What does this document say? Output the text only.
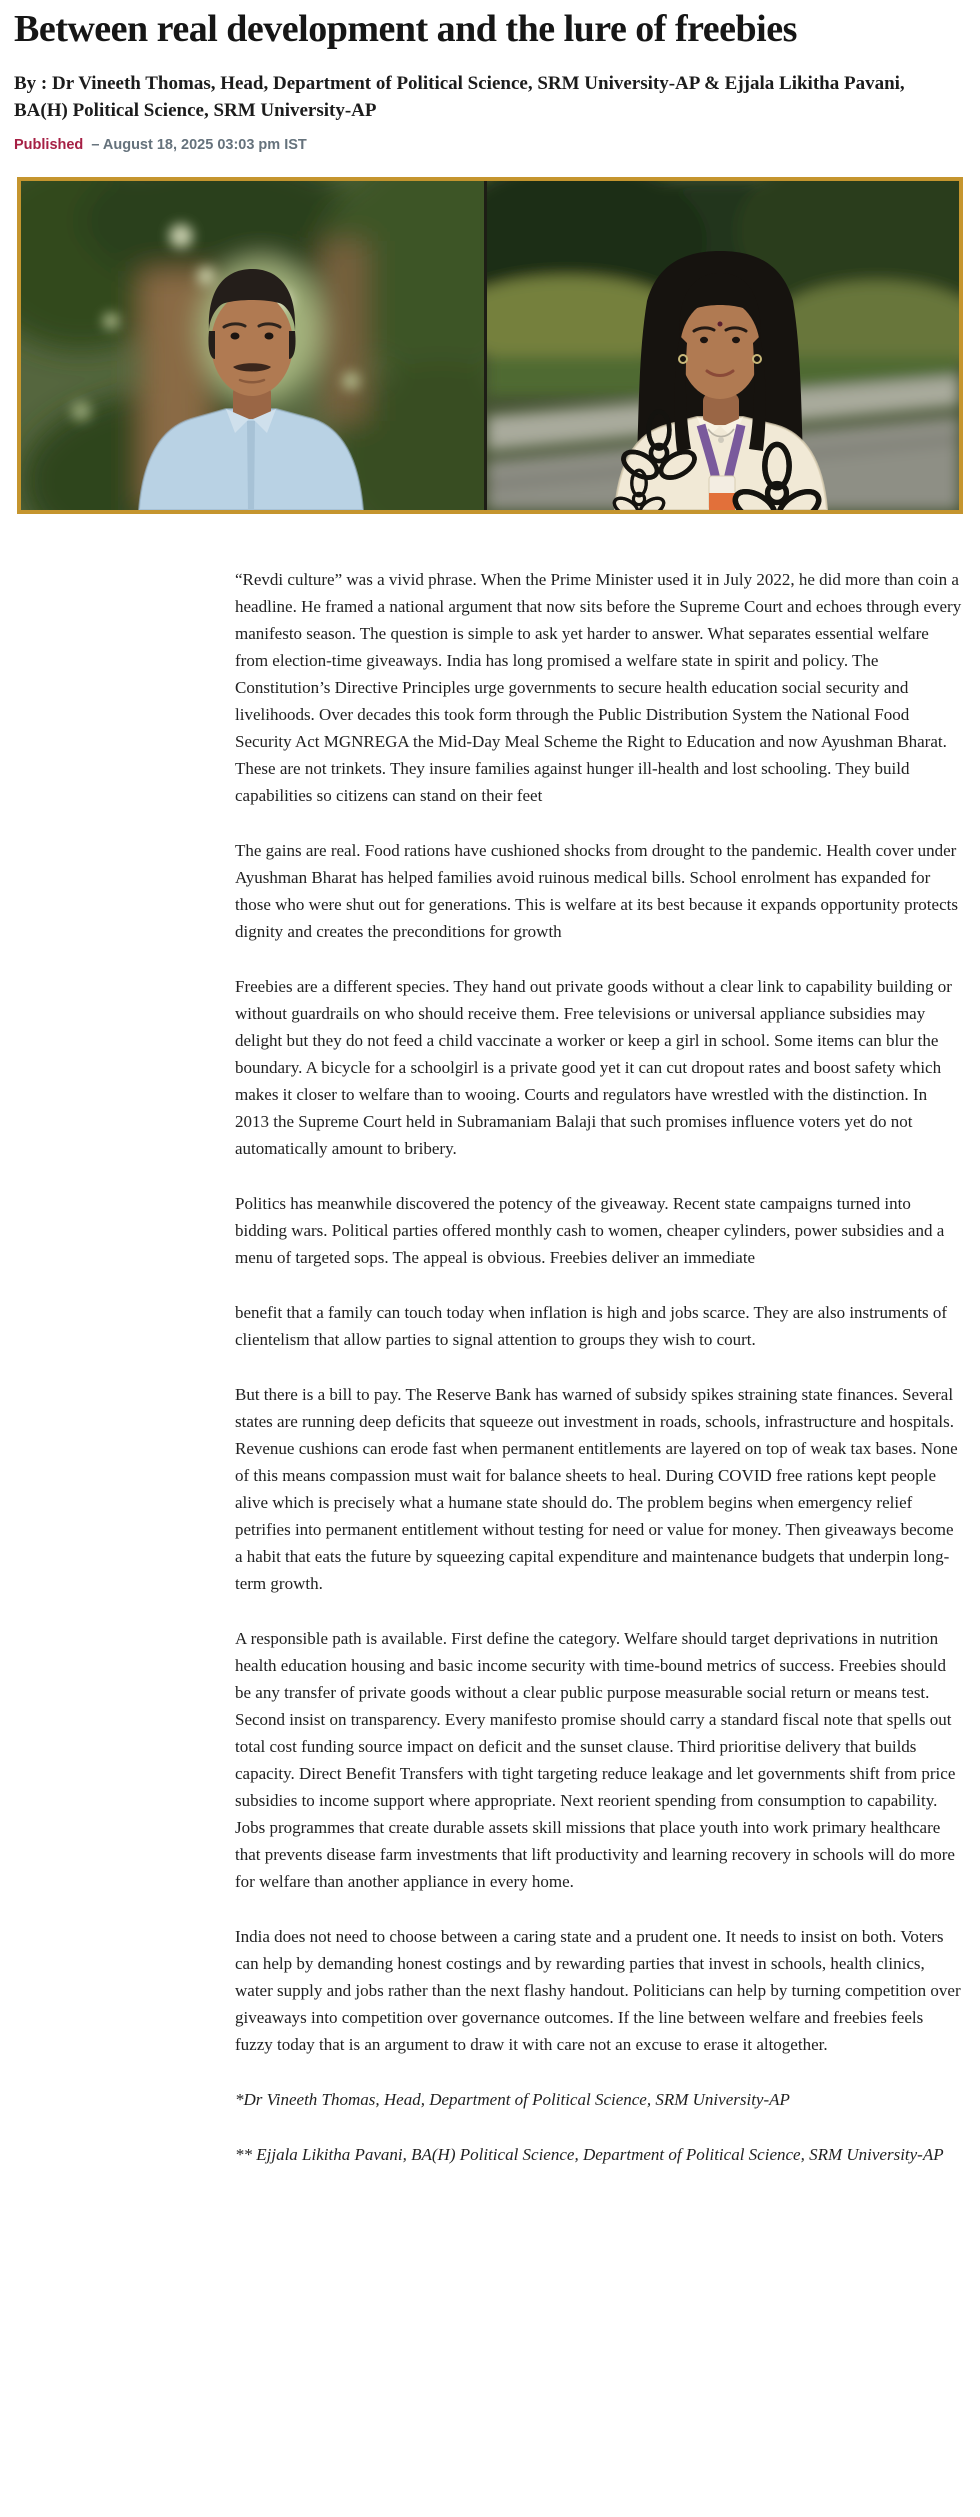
Between real development and the lure of freebies
By : Dr Vineeth Thomas, Head, Department of Political Science, SRM University-AP & Ejjala Likitha Pavani, BA(H) Political Science, SRM University-AP
Published – August 18, 2025 03:03 pm IST

“Revdi culture” was a vivid phrase. When the Prime Minister used it in July 2022, he did more than coin a headline. He framed a national argument that now sits before the Supreme Court and echoes through every manifesto season. The question is simple to ask yet harder to answer. What separates essential welfare from election-time giveaways. India has long promised a welfare state in spirit and policy. The Constitution’s Directive Principles urge governments to secure health education social security and livelihoods. Over decades this took form through the Public Distribution System the National Food Security Act MGNREGA the Mid-Day Meal Scheme the Right to Education and now Ayushman Bharat. These are not trinkets. They insure families against hunger ill-health and lost schooling. They build capabilities so citizens can stand on their feet

The gains are real. Food rations have cushioned shocks from drought to the pandemic. Health cover under Ayushman Bharat has helped families avoid ruinous medical bills. School enrolment has expanded for those who were shut out for generations. This is welfare at its best because it expands opportunity protects dignity and creates the preconditions for growth

Freebies are a different species. They hand out private goods without a clear link to capability building or without guardrails on who should receive them. Free televisions or universal appliance subsidies may delight but they do not feed a child vaccinate a worker or keep a girl in school. Some items can blur the boundary. A bicycle for a schoolgirl is a private good yet it can cut dropout rates and boost safety which makes it closer to welfare than to wooing. Courts and regulators have wrestled with the distinction. In 2013 the Supreme Court held in Subramaniam Balaji that such promises influence voters yet do not automatically amount to bribery.

Politics has meanwhile discovered the potency of the giveaway. Recent state campaigns turned into bidding wars. Political parties offered monthly cash to women, cheaper cylinders, power subsidies and a menu of targeted sops. The appeal is obvious. Freebies deliver an immediate

benefit that a family can touch today when inflation is high and jobs scarce. They are also instruments of clientelism that allow parties to signal attention to groups they wish to court.

But there is a bill to pay. The Reserve Bank has warned of subsidy spikes straining state finances. Several states are running deep deficits that squeeze out investment in roads, schools, infrastructure and hospitals. Revenue cushions can erode fast when permanent entitlements are layered on top of weak tax bases. None of this means compassion must wait for balance sheets to heal. During COVID free rations kept people alive which is precisely what a humane state should do. The problem begins when emergency relief petrifies into permanent entitlement without testing for need or value for money. Then giveaways become a habit that eats the future by squeezing capital expenditure and maintenance budgets that underpin long-term growth.

A responsible path is available. First define the category. Welfare should target deprivations in nutrition health education housing and basic income security with time-bound metrics of success. Freebies should be any transfer of private goods without a clear public purpose measurable social return or means test. Second insist on transparency. Every manifesto promise should carry a standard fiscal note that spells out total cost funding source impact on deficit and the sunset clause. Third prioritise delivery that builds capacity. Direct Benefit Transfers with tight targeting reduce leakage and let governments shift from price subsidies to income support where appropriate. Next reorient spending from consumption to capability. Jobs programmes that create durable assets skill missions that place youth into work primary healthcare that prevents disease farm investments that lift productivity and learning recovery in schools will do more for welfare than another appliance in every home.

India does not need to choose between a caring state and a prudent one. It needs to insist on both. Voters can help by demanding honest costings and by rewarding parties that invest in schools, health clinics, water supply and jobs rather than the next flashy handout. Politicians can help by turning competition over giveaways into competition over governance outcomes. If the line between welfare and freebies feels fuzzy today that is an argument to draw it with care not an excuse to erase it altogether.

*Dr Vineeth Thomas, Head, Department of Political Science, SRM University-AP

** Ejjala Likitha Pavani, BA(H) Political Science, Department of Political Science, SRM University-AP
